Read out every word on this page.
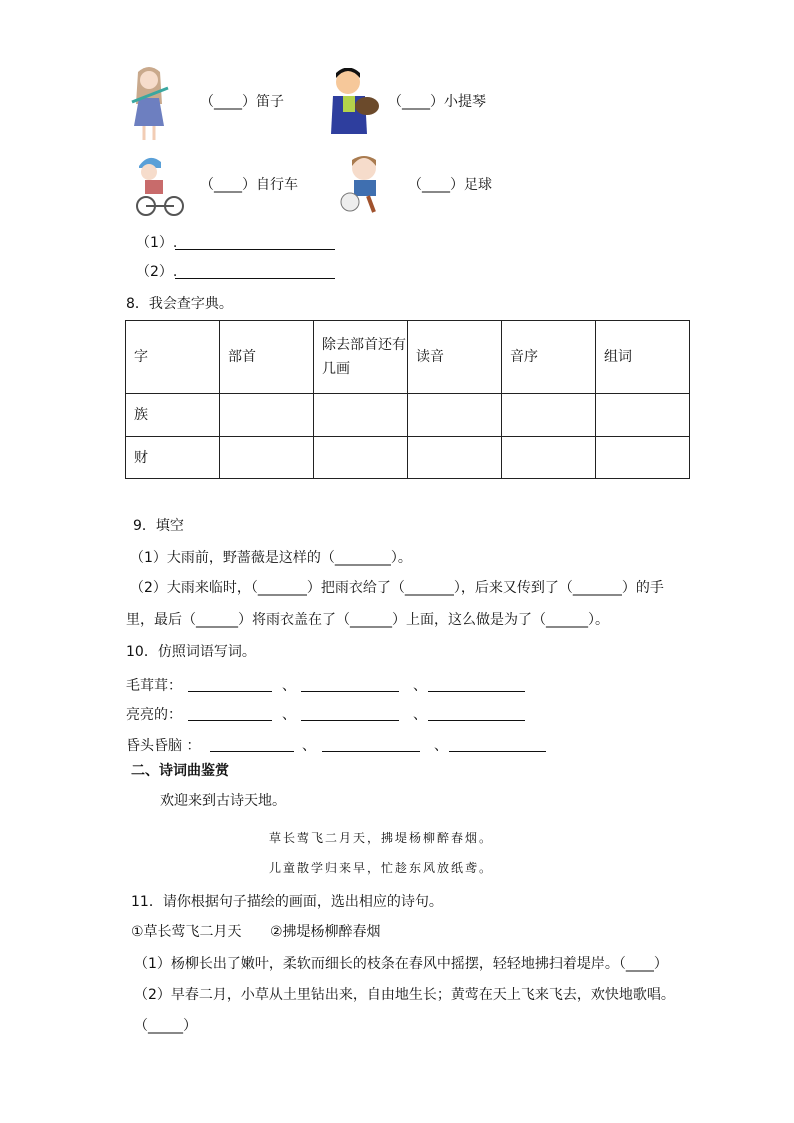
（____）笛子	（____）小提琴
（____）自行车	（____）足球
（1）.
（2）.
8．我会查字典。
字	部首	除去部首还有几画	读音	音序	组词
族					
财					
9．填空
（1）大雨前，野蔷薇是这样的（________）。
（2）大雨来临时，（_______）把雨衣给了（_______），后来又传到了（_______）的手
里，最后（______）将雨衣盖在了（______）上面，这么做是为了（______）。
10．仿照词语写词。
毛茸茸：	、	、
亮亮的：	、	、
昏头昏脑 ：	、	、
二、诗词曲鉴赏
欢迎来到古诗天地。
草长莺飞二月天，拂堤杨柳醉春烟。
儿童散学归来早，忙趁东风放纸鸢。
11．请你根据句子描绘的画面，选出相应的诗句。
①草长莺飞二月天 ②拂堤杨柳醉春烟
（1）杨柳长出了嫩叶，柔软而细长的枝条在春风中摇摆，轻轻地拂扫着堤岸。（____）
（2）早春二月，小草从土里钻出来，自由地生长；黄莺在天上飞来飞去，欢快地歌唱。
（_____）
